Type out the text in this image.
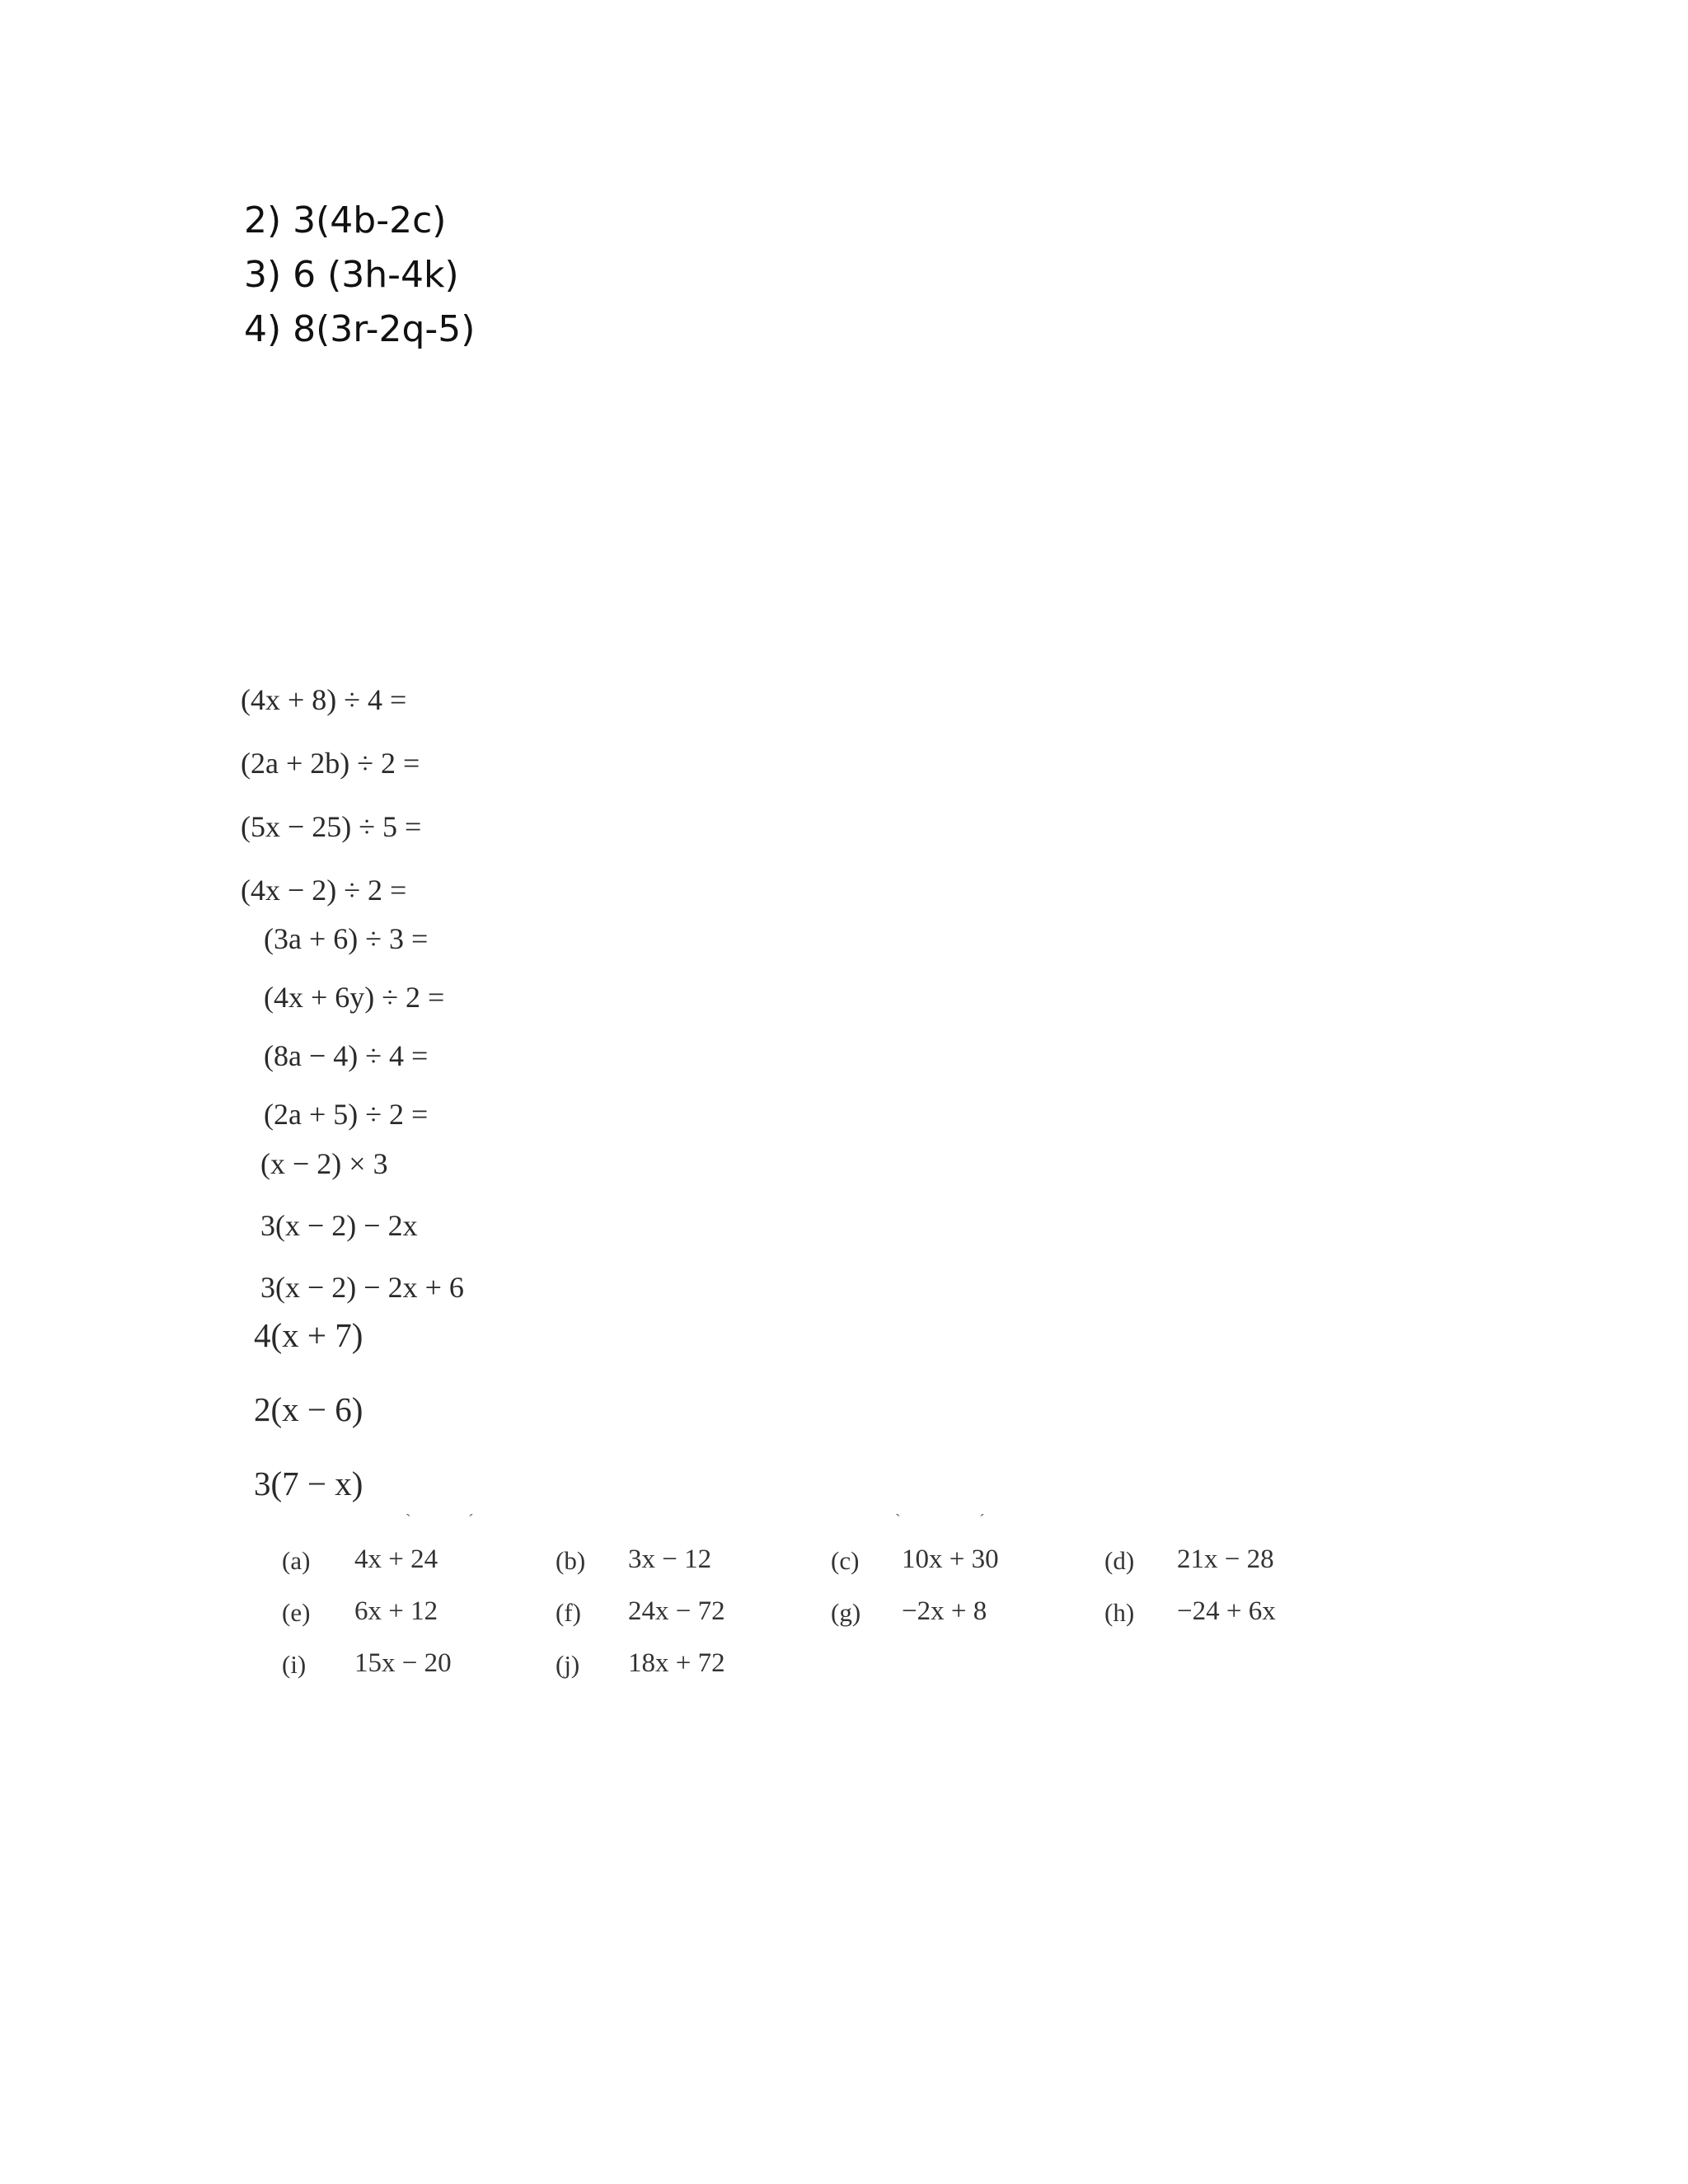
2) 3(4b-2c)
3) 6 (3h-4k)
4) 8(3r-2q-5)
(4x + 8) ÷ 4 =
(2a + 2b) ÷ 2 =
(5x − 25) ÷ 5 =
(4x − 2) ÷ 2 =
(3a + 6) ÷ 3 =
(4x + 6y) ÷ 2 =
(8a − 4) ÷ 4 =
(2a + 5) ÷ 2 =
(x − 2) × 3
3(x − 2) − 2x
3(x − 2) − 2x + 6
4(x + 7)
2(x − 6)
3(7 − x)
ˋ	ˊ	ˋ	ˊ
(a) 4x + 24	(b) 3x − 12	(c) 10x + 30	(d) 21x − 28
(e) 6x + 12	(f) 24x − 72	(g) −2x + 8	(h) −24 + 6x
(i) 15x − 20	(j) 18x + 72
